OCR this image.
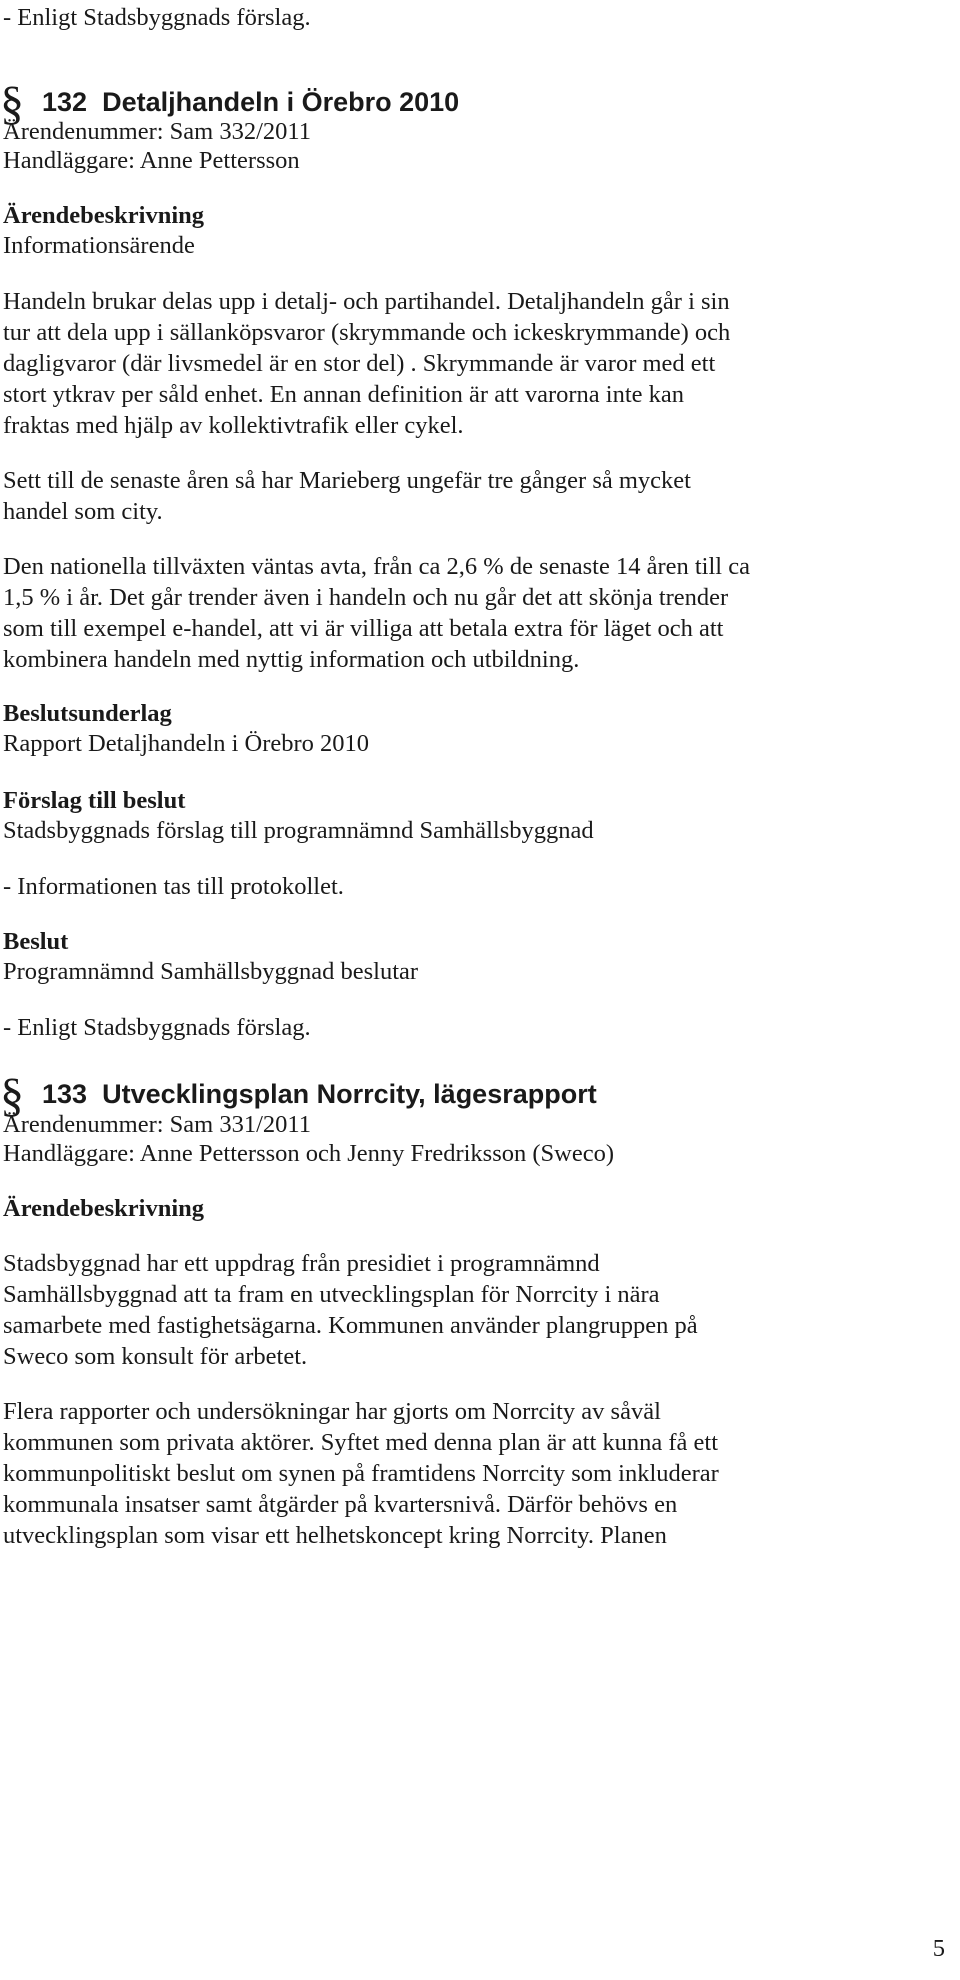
- Enligt Stadsbyggnads förslag.
§ 132
Detaljhandeln i Örebro 2010
Ärendenummer: Sam 332/2011
Handläggare: Anne Pettersson
Ärendebeskrivning
Informationsärende
Handeln brukar delas upp i detalj- och partihandel. Detaljhandeln går i sin
tur att dela upp i sällanköpsvaror (skrymmande och ickeskrymmande) och
dagligvaror (där livsmedel är en stor del) . Skrymmande är varor med ett
stort ytkrav per såld enhet. En annan definition är att varorna inte kan
fraktas med hjälp av kollektivtrafik eller cykel.
Sett till de senaste åren så har Marieberg ungefär tre gånger så mycket
handel som city.
Den nationella tillväxten väntas avta, från ca 2,6 % de senaste 14 åren till ca
1,5 % i år. Det går trender även i handeln och nu går det att skönja trender
som till exempel e-handel, att vi är villiga att betala extra för läget och att
kombinera handeln med nyttig information och utbildning.
Beslutsunderlag
Rapport Detaljhandeln i Örebro 2010
Förslag till beslut
Stadsbyggnads förslag till programnämnd Samhällsbyggnad
- Informationen tas till protokollet.
Beslut
Programnämnd Samhällsbyggnad beslutar
- Enligt Stadsbyggnads förslag.
§ 133
Utvecklingsplan Norrcity, lägesrapport
Ärendenummer: Sam 331/2011
Handläggare: Anne Pettersson och Jenny Fredriksson (Sweco)
Ärendebeskrivning
Stadsbyggnad har ett uppdrag från presidiet i programnämnd
Samhällsbyggnad att ta fram en utvecklingsplan för Norrcity i nära
samarbete med fastighetsägarna. Kommunen använder plangruppen på
Sweco som konsult för arbetet.
Flera rapporter och undersökningar har gjorts om Norrcity av såväl
kommunen som privata aktörer. Syftet med denna plan är att kunna få ett
kommunpolitiskt beslut om synen på framtidens Norrcity som inkluderar
kommunala insatser samt åtgärder på kvartersnivå. Därför behövs en
utvecklingsplan som visar ett helhetskoncept kring Norrcity. Planen
5
